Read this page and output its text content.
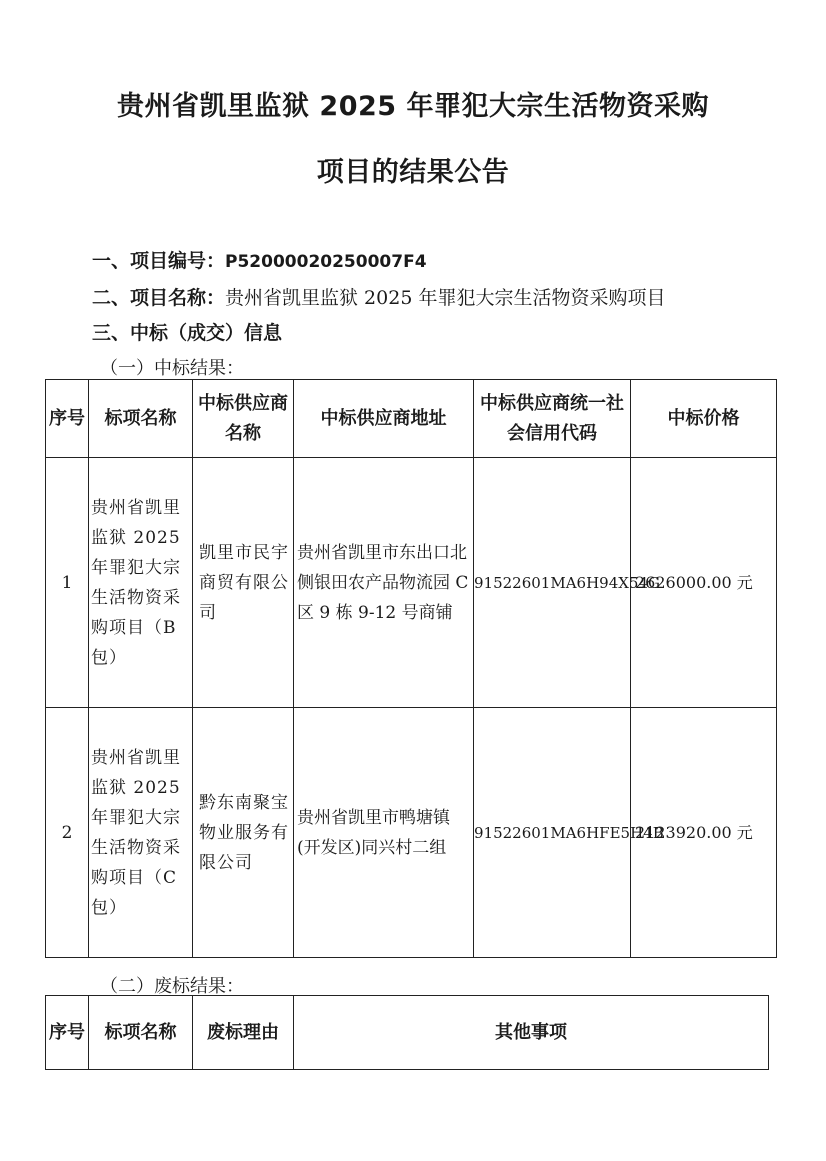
贵州省凯里监狱 2025 年罪犯大宗生活物资采购
项目的结果公告
一、项目编号：P52000020250007F4
二、项目名称：贵州省凯里监狱 2025 年罪犯大宗生活物资采购项目
三、中标（成交）信息
（一）中标结果：
序号	标项名称	中标供应商名称	中标供应商地址	中标供应商统一社会信用代码	中标价格
1	贵州省凯里监狱 2025 年罪犯大宗生活物资采购项目（B 包）	凯里市民宇商贸有限公司	贵州省凯里市东出口北侧银田农产品物流园 C 区 9 栋 9-12 号商铺	91522601MA6H94X54G	2626000.00 元
2	贵州省凯里监狱 2025 年罪犯大宗生活物资采购项目（C 包）	黔东南聚宝物业服务有限公司	贵州省凯里市鸭塘镇(开发区)同兴村二组	91522601MA6HFE5H4B	2123920.00 元
（二）废标结果：
序号	标项名称	废标理由	其他事项
